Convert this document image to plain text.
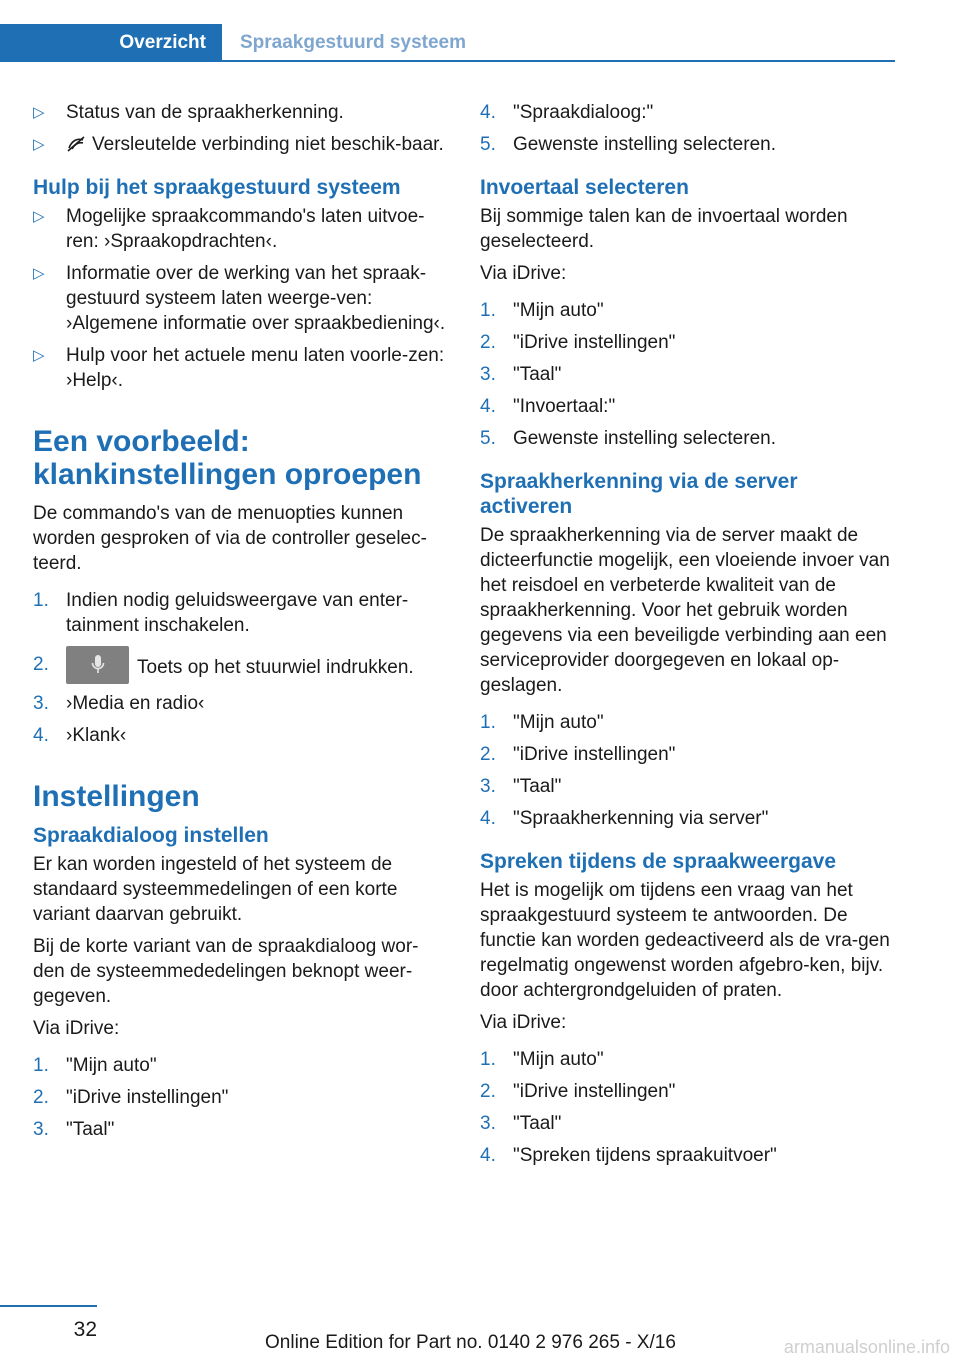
Overzicht	Spraakgestuurd systeem
▷ Status van de spraakherkenning.
▷ Versleutelde verbinding niet beschik-baar.
Hulp bij het spraakgestuurd systeem
▷ Mogelijke spraakcommando's laten uitvoe-ren: ›Spraakopdrachten‹.
▷ Informatie over de werking van het spraak-gestuurd systeem laten weerge-ven: ›Algemene informatie over spraakbediening‹.
▷ Hulp voor het actuele menu laten voorle-zen: ›Help‹.
Een voorbeeld: klankinstellingen oproepen
De commando's van de menuopties kunnen worden gesproken of via de controller geselec-teerd.
1. Indien nodig geluidsweergave van enter-tainment inschakelen.
2.	Toets op het stuurwiel indrukken.
3. ›Media en radio‹
4. ›Klank‹
Instellingen
Spraakdialoog instellen
Er kan worden ingesteld of het systeem de standaard systeemmedelingen of een korte variant daarvan gebruikt.
Bij de korte variant van de spraakdialoog wor-den de systeemmededelingen beknopt weer-gegeven.
Via iDrive:
1. "Mijn auto"
2. "iDrive instellingen"
3. "Taal"
4. "Spraakdialoog:"
5. Gewenste instelling selecteren.
Invoertaal selecteren
Bij sommige talen kan de invoertaal worden geselecteerd.
Via iDrive:
1. "Mijn auto"
2. "iDrive instellingen"
3. "Taal"
4. "Invoertaal:"
5. Gewenste instelling selecteren.
Spraakherkenning via de server activeren
De spraakherkenning via de server maakt de dicteerfunctie mogelijk, een vloeiende invoer van het reisdoel en verbeterde kwaliteit van de spraakherkenning. Voor het gebruik worden gegevens via een beveiligde verbinding aan een serviceprovider doorgegeven en lokaal op-geslagen.
1. "Mijn auto"
2. "iDrive instellingen"
3. "Taal"
4. "Spraakherkenning via server"
Spreken tijdens de spraakweergave
Het is mogelijk om tijdens een vraag van het spraakgestuurd systeem te antwoorden. De functie kan worden gedeactiveerd als de vra-gen regelmatig ongewenst worden afgebro-ken, bijv. door achtergrondgeluiden of praten.
Via iDrive:
1. "Mijn auto"
2. "iDrive instellingen"
3. "Taal"
4. "Spreken tijdens spraakuitvoer"
32
Online Edition for Part no. 0140 2 976 265 - X/16	armanualsonline.info
